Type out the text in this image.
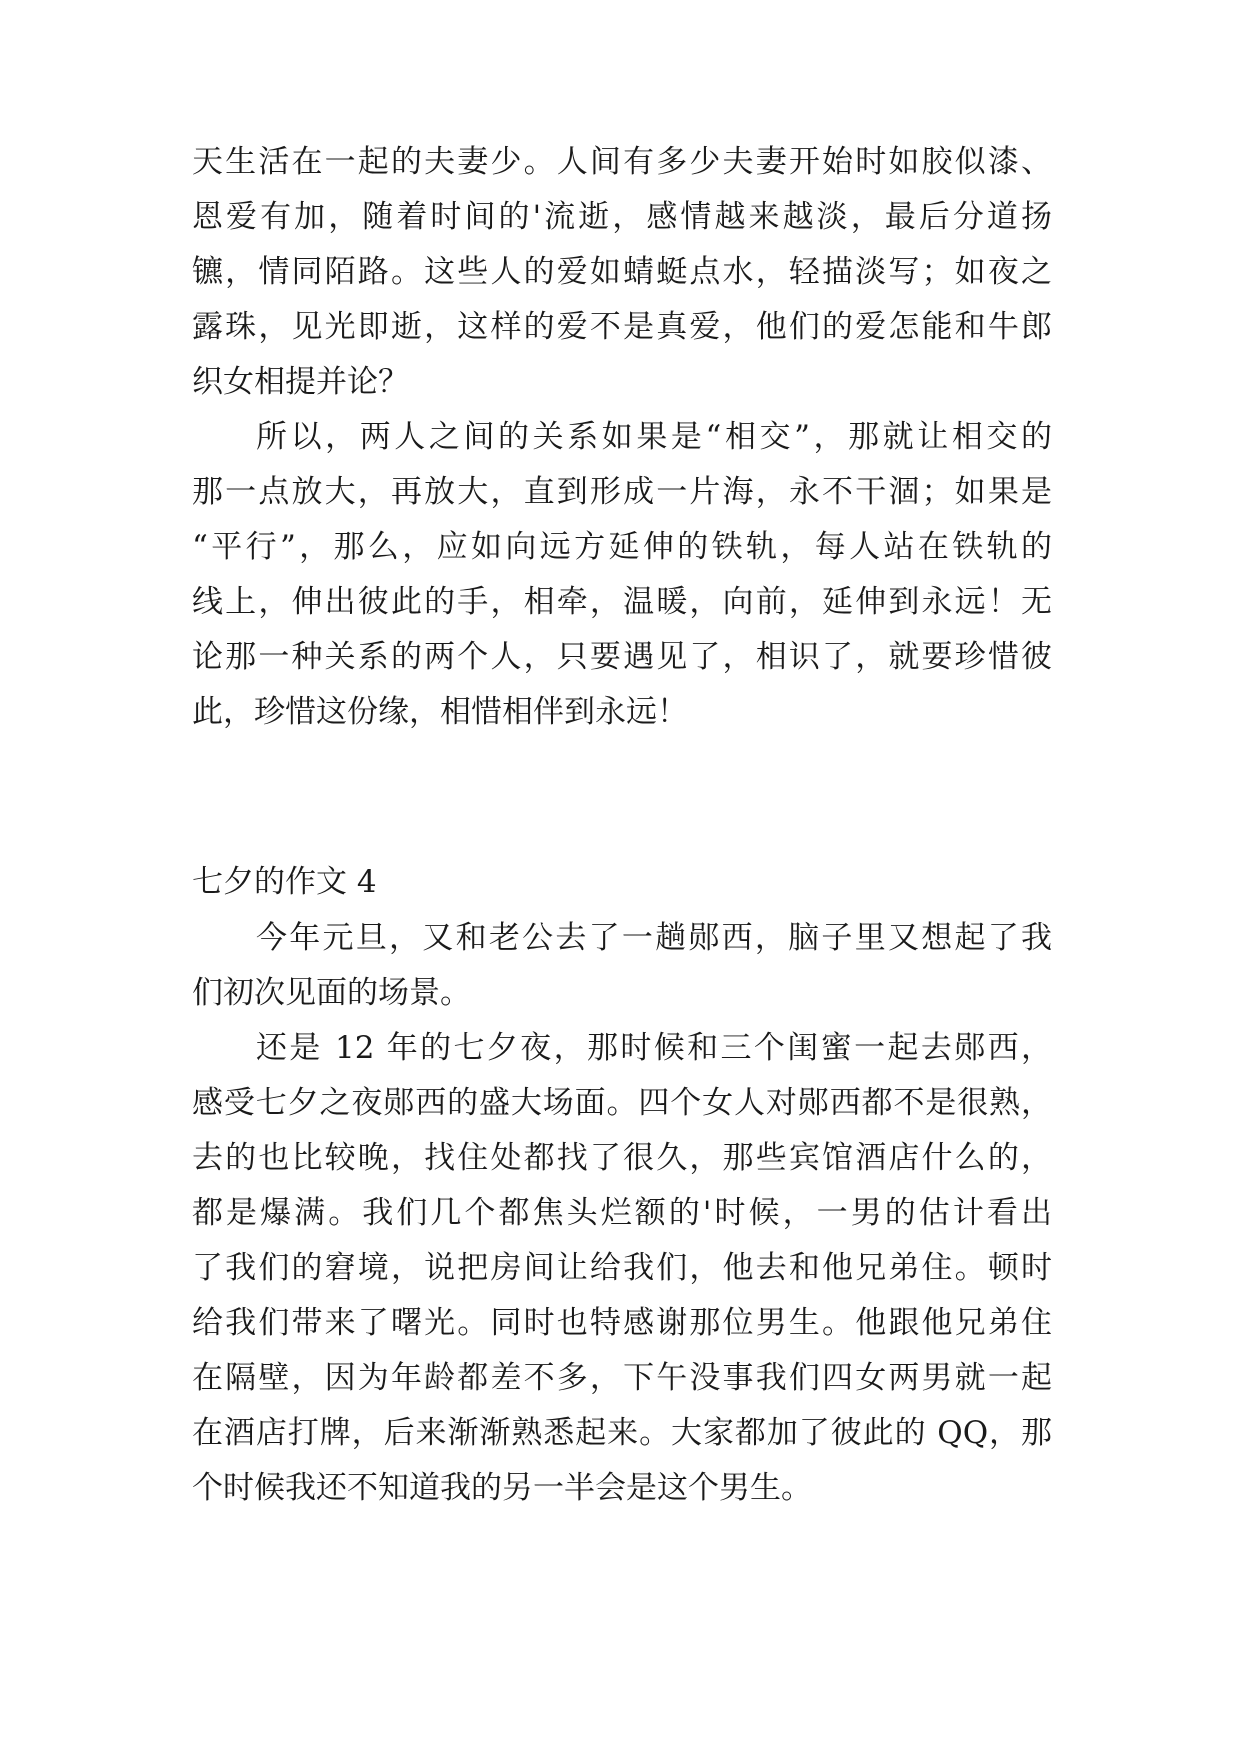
天生活在一起的夫妻少。人间有多少夫妻开始时如胶似漆、
恩爱有加，随着时间的'流逝，感情越来越淡，最后分道扬
镳，情同陌路。这些人的爱如蜻蜓点水，轻描淡写；如夜之
露珠，见光即逝，这样的爱不是真爱，他们的爱怎能和牛郎
织女相提并论？
所以，两人之间的关系如果是“相交”，那就让相交的
那一点放大，再放大，直到形成一片海，永不干涸；如果是
“平行”，那么，应如向远方延伸的铁轨，每人站在铁轨的
线上，伸出彼此的手，相牵，温暖，向前，延伸到永远！无
论那一种关系的两个人，只要遇见了，相识了，就要珍惜彼
此，珍惜这份缘，相惜相伴到永远！
七夕的作文 4
今年元旦，又和老公去了一趟郧西，脑子里又想起了我
们初次见面的场景。
还是 12 年的七夕夜，那时候和三个闺蜜一起去郧西，
感受七夕之夜郧西的盛大场面。四个女人对郧西都不是很熟，
去的也比较晚，找住处都找了很久，那些宾馆酒店什么的，
都是爆满。我们几个都焦头烂额的'时候，一男的估计看出
了我们的窘境，说把房间让给我们，他去和他兄弟住。顿时
给我们带来了曙光。同时也特感谢那位男生。他跟他兄弟住
在隔壁，因为年龄都差不多，下午没事我们四女两男就一起
在酒店打牌，后来渐渐熟悉起来。大家都加了彼此的 QQ，那
个时候我还不知道我的另一半会是这个男生。
